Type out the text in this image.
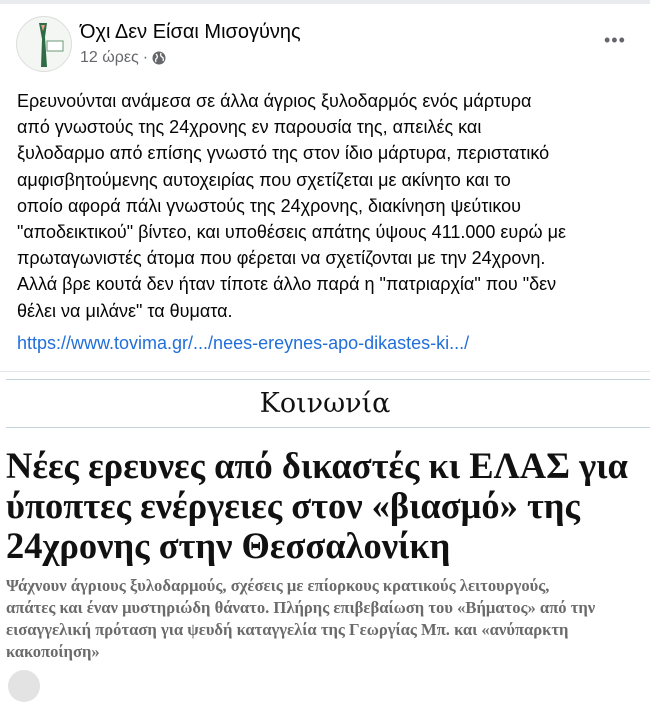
Όχι Δεν Είσαι Μισογύνης
12 ώρες ·
•••
Ερευνούνται ανάμεσα σε άλλα άγριος ξυλοδαρμός ενός μάρτυρα
από γνωστούς της 24χρονης εν παρουσία της, απειλές και
ξυλοδαρμο από επίσης γνωστό της στον ίδιο μάρτυρα, περιστατικό
αμφισβητούμενης αυτοχειρίας που σχετίζεται με ακίνητο και το
οποίο αφορά πάλι γνωστούς της 24χρονης, διακίνηση ψεύτικου
"αποδεικτικού" βίντεο, και υποθέσεις απάτης ύψους 411.000 ευρώ με
πρωταγωνιστές άτομα που φέρεται να σχετίζονται με την 24χρονη.
Αλλά βρε κουτά δεν ήταν τίποτε άλλο παρά η "πατριαρχία" που "δεν
θέλει να μιλάνε" τα θυματα.
https://www.tovima.gr/.../nees-ereynes-apo-dikastes-ki.../
Κοινωνία
Νέες ερευνες από δικαστές κι ΕΛΑΣ για
ύποπτες ενέργειες στον «βιασμό» της
24χρονης στην Θεσσαλονίκη
Ψάχνουν άγριους ξυλοδαρμούς, σχέσεις με επίορκους κρατικούς λειτουργούς,
απάτες και έναν μυστηριώδη θάνατο. Πλήρης επιβεβαίωση του «Βήματος» από την
εισαγγελική πρόταση για ψευδή καταγγελία της Γεωργίας Μπ. και «ανύπαρκτη
κακοποίηση»
